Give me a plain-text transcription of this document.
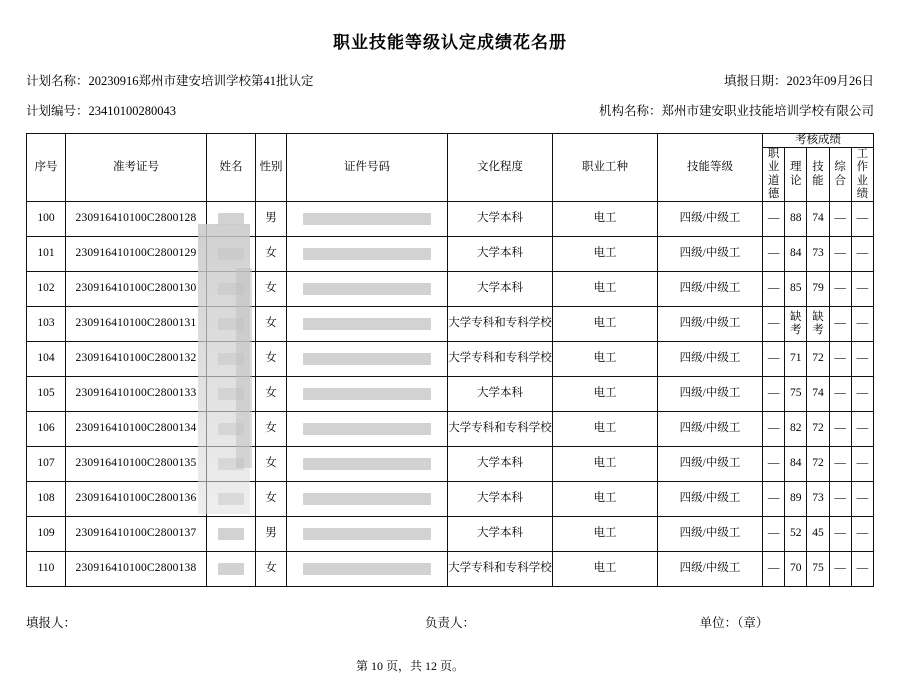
职业技能等级认定成绩花名册
计划名称：20230916郑州市建安培训学校第41批认定	填报日期：2023年09月26日
计划编号：23410100280043	机构名称：郑州市建安职业技能培训学校有限公司
序号	准考证号	姓名	性别	证件号码	文化程度	职业工种	技能等级	考核成绩				
								职业道德	理论	技能	综合	工作业绩
100	230916410100C2800128		男		大学本科	电工	四级/中级工	—	88	74	—	—
101	230916410100C2800129		女		大学本科	电工	四级/中级工	—	84	73	—	—
102	230916410100C2800130		女		大学本科	电工	四级/中级工	—	85	79	—	—
103	230916410100C2800131		女		大学专科和专科学校	电工	四级/中级工	—	缺考	缺考	—	—
104	230916410100C2800132		女		大学专科和专科学校	电工	四级/中级工	—	71	72	—	—
105	230916410100C2800133		女		大学本科	电工	四级/中级工	—	75	74	—	—
106	230916410100C2800134		女		大学专科和专科学校	电工	四级/中级工	—	82	72	—	—
107	230916410100C2800135		女		大学本科	电工	四级/中级工	—	84	72	—	—
108	230916410100C2800136		女		大学本科	电工	四级/中级工	—	89	73	—	—
109	230916410100C2800137		男		大学本科	电工	四级/中级工	—	52	45	—	—
110	230916410100C2800138		女		大学专科和专科学校	电工	四级/中级工	—	70	75	—	—
填报人：	负责人：	单位：（章）
第 10 页，共 12 页。
